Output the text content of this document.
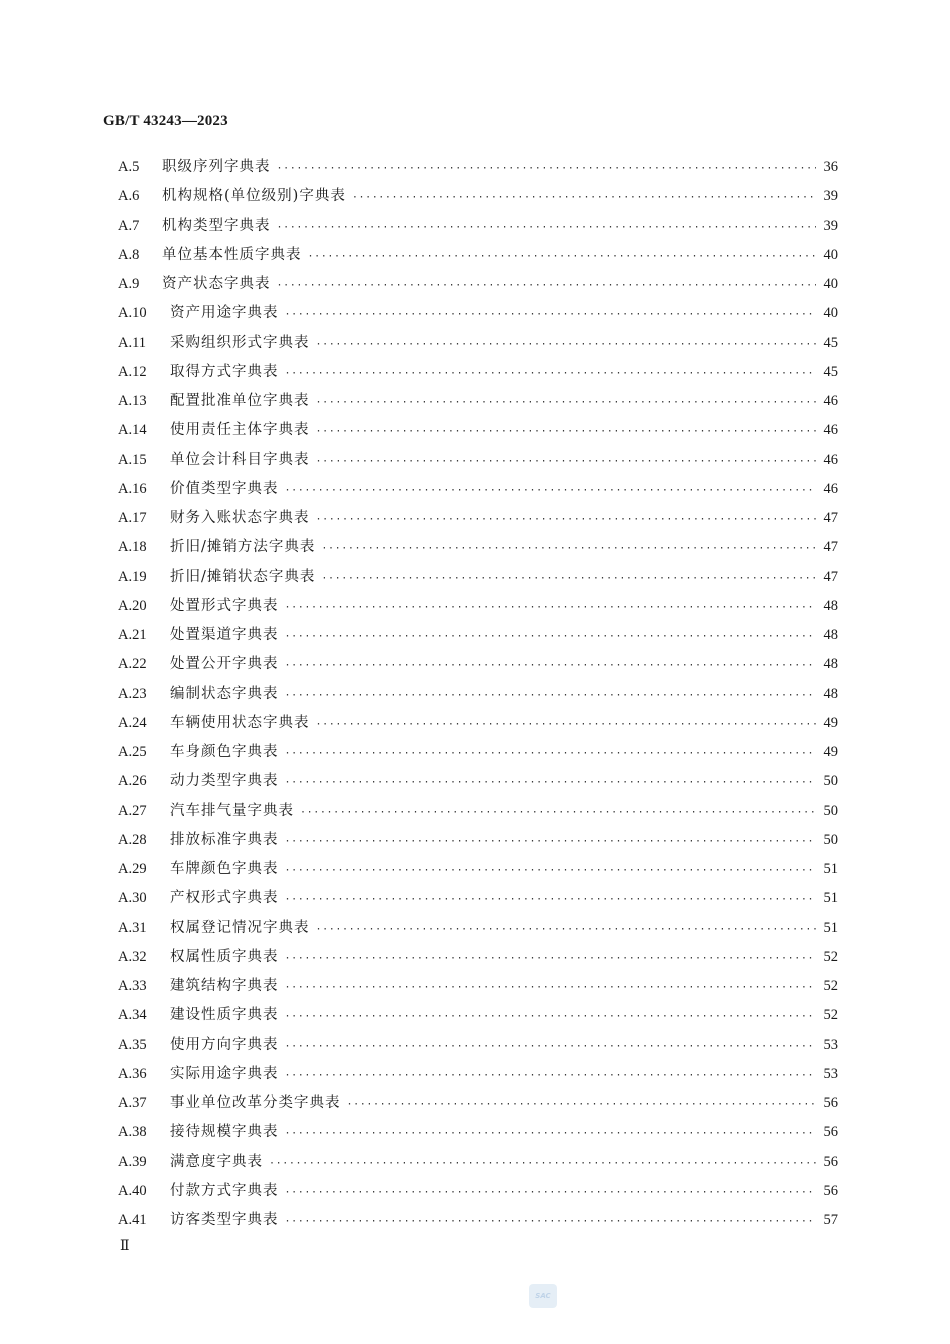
GB/T 43243—2023
A.5	职级序列字典表 ·····	36
A.6	机构规格(单位级别)字典表 ·····	39
A.7	机构类型字典表 ·····	39
A.8	单位基本性质字典表 ·····	40
A.9	资产状态字典表 ·····	40
A.10	资产用途字典表 ·····	40
A.11	采购组织形式字典表 ·····	45
A.12	取得方式字典表 ·····	45
A.13	配置批准单位字典表 ·····	46
A.14	使用责任主体字典表 ·····	46
A.15	单位会计科目字典表 ·····	46
A.16	价值类型字典表 ·····	46
A.17	财务入账状态字典表 ·····	47
A.18	折旧/摊销方法字典表 ·····	47
A.19	折旧/摊销状态字典表 ·····	47
A.20	处置形式字典表 ·····	48
A.21	处置渠道字典表 ·····	48
A.22	处置公开字典表 ·····	48
A.23	编制状态字典表 ·····	48
A.24	车辆使用状态字典表 ·····	49
A.25	车身颜色字典表 ·····	49
A.26	动力类型字典表 ·····	50
A.27	汽车排气量字典表 ·····	50
A.28	排放标准字典表 ·····	50
A.29	车牌颜色字典表 ·····	51
A.30	产权形式字典表 ·····	51
A.31	权属登记情况字典表 ·····	51
A.32	权属性质字典表 ·····	52
A.33	建筑结构字典表 ·····	52
A.34	建设性质字典表 ·····	52
A.35	使用方向字典表 ·····	53
A.36	实际用途字典表 ·····	53
A.37	事业单位改革分类字典表 ·····	56
A.38	接待规模字典表 ·····	56
A.39	满意度字典表 ·····	56
A.40	付款方式字典表 ·····	56
A.41	访客类型字典表 ·····	57
Ⅱ
SAC
